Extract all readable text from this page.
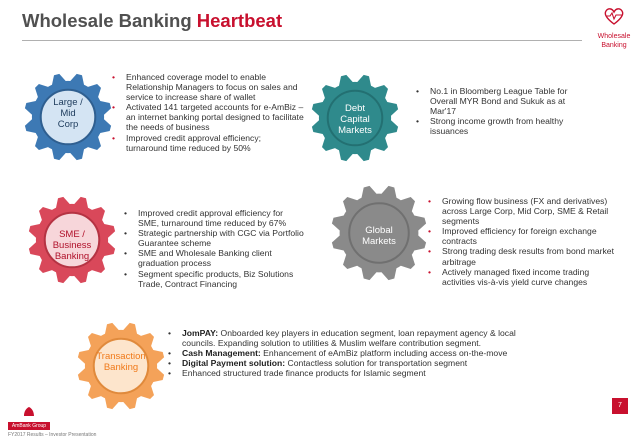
Wholesale Banking Heartbeat
Wholesale
Banking
Large /
Mid
Corp
Debt
Capital
Markets
SME /
Business
Banking
Global
Markets
Transaction
Banking
• Enhanced coverage model to enable Relationship Managers to focus on sales and service to increase share of wallet
• Activated 141 targeted accounts for e-AmBiz – an internet banking portal designed to facilitate the needs of business
• Improved credit approval efficiency; turnaround time reduced by 50%
• No.1 in Bloomberg League Table for Overall MYR Bond and Sukuk as at Mar'17
• Strong income growth from healthy issuances
• Improved credit approval efficiency for SME, turnaround time reduced by 67%
• Strategic partnership with CGC via Portfolio Guarantee scheme
• SME and Wholesale Banking client graduation process
• Segment specific products, Biz Solutions Trade, Contract Financing
• Growing flow business (FX and derivatives) across Large Corp, Mid Corp, SME & Retail segments
• Improved efficiency for foreign exchange contracts
• Strong trading desk results from bond market arbitrage
• Actively managed fixed income trading activities vis-à-vis yield curve changes
• JomPAY: Onboarded key players in education segment, loan repayment agency & local councils. Expanding solution to utilities & Muslim welfare contribution segment.
• Cash Management: Enhancement of eAmBiz platform including access on-the-move
• Digital Payment solution: Contactless solution for transportation segment
• Enhanced structured trade finance products for Islamic segment
AmBank Group
FY2017 Results – Investor Presentation
7
